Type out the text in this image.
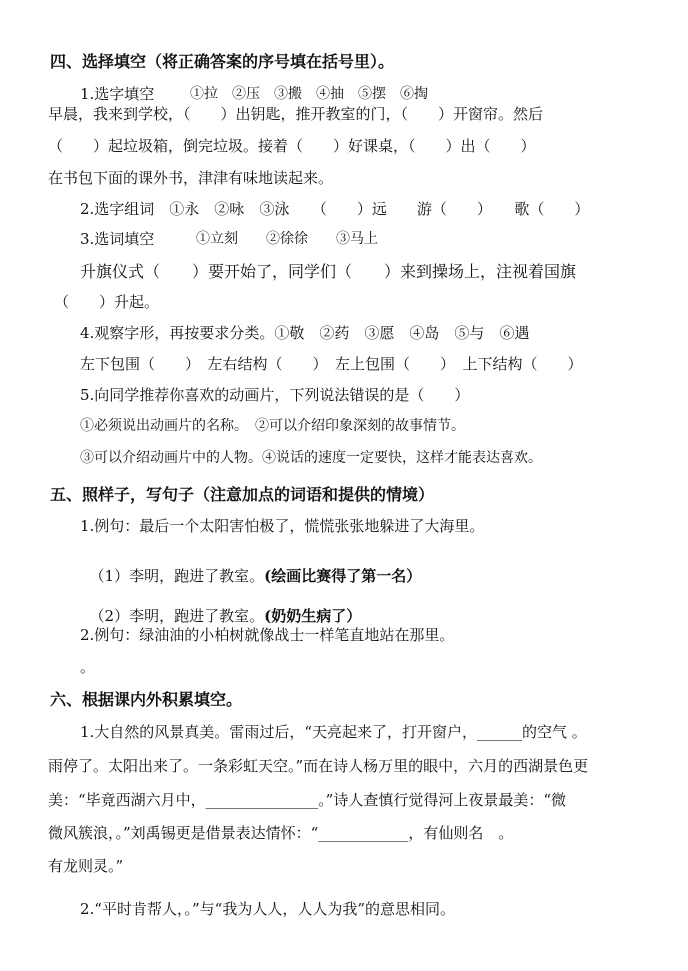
四、选择填空（将正确答案的序号填在括号里）。
1.选字填空	①拉　②压　③搬　④抽　⑤摆　⑥掏
早晨，我来到学校，（　　）出钥匙，推开教室的门，（　　）开窗帘。然后
（　　）起垃圾箱，倒完垃圾。接着（　　）好课桌，（　　）出（　　）
在书包下面的课外书，津津有味地读起来。
2.选字组词　①永　②咏　③泳　　（　　）远　　游（　　）　　歌（　　）
3.选词填空	①立刻　　②徐徐　　③马上
升旗仪式（　　）要开始了，同学们（　　）来到操场上，注视着国旗
（　　）升起。
4.观察字形，再按要求分类。①敬　②药　③愿　④岛　⑤与　⑥遇
左下包围（　　）　左右结构（　　）　左上包围（　　）　上下结构（　　）
5.向同学推荐你喜欢的动画片，下列说法错误的是（　　）
①必须说出动画片的名称。　②可以介绍印象深刻的故事情节。
③可以介绍动画片中的人物。④说话的速度一定要快，这样才能表达喜欢。
五、照样子，写句子（注意加点的词语和提供的情境）
1.例句：最后一个太阳害怕极了，慌慌张张地躲进了大海里。

（1）李明，跑进了教室。(绘画比赛得了第一名）

（2）李明，跑进了教室。(奶奶生病了）

2.例句：绿油油的小柏树就像战士一样笔直地站在那里。
。
六、根据课内外积累填空。
1.大自然的风景真美。雷雨过后，“天亮起来了，打开窗户，______的空气 。
雨停了。太阳出来了。一条彩虹天空。”而在诗人杨万里的眼中，六月的西湖景色更
美：“毕竟西湖六月中，_______________。”诗人查慎行觉得河上夜景最美：“微
微风簇浪，。”刘禹锡更是借景表达情怀：“____________，有仙则名　。
有龙则灵。”
2.“平时肯帮人，。”与“我为人人，人人为我”的意思相同。
